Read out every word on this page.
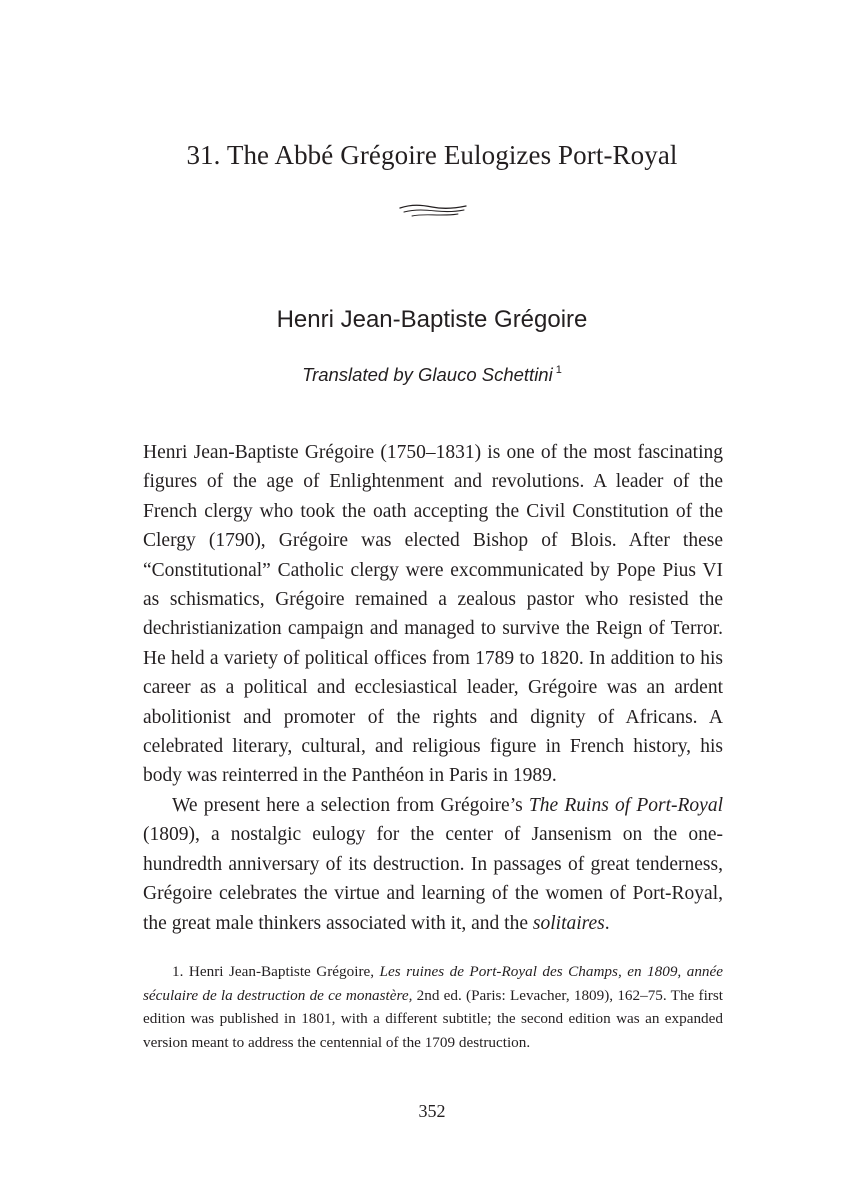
31. The Abbé Grégoire Eulogizes Port-Royal
Henri Jean-Baptiste Grégoire
Translated by Glauco Schettini $^1$

Henri Jean-Baptiste Grégoire (1750–1831) is one of the most fascinating figures of the age of Enlightenment and revolutions. A leader of the French clergy who took the oath accepting the Civil Constitution of the Clergy (1790), Grégoire was elected Bishop of Blois. After these “Constitutional” Catholic clergy were excommunicated by Pope Pius VI as schismatics, Grégoire remained a zealous pastor who resisted the dechristianization campaign and managed to survive the Reign of Terror. He held a variety of political offices from 1789 to 1820. In addition to his career as a political and ecclesiastical leader, Grégoire was an ardent abolitionist and promoter of the rights and dignity of Africans. A celebrated literary, cultural, and religious figure in French history, his body was reinterred in the Panthéon in Paris in 1989.

We present here a selection from Grégoire’s The Ruins of Port-Royal (1809), a nostalgic eulogy for the center of Jansenism on the one-hundredth anniversary of its destruction. In passages of great tenderness, Grégoire celebrates the virtue and learning of the women of Port-Royal, the great male thinkers associated with it, and the solitaires.

1. Henri Jean-Baptiste Grégoire, Les ruines de Port-Royal des Champs, en 1809, année séculaire de la destruction de ce monastère, 2nd ed. (Paris: Levacher, 1809), 162–75. The first edition was published in 1801, with a different subtitle; the second edition was an expanded version meant to address the centennial of the 1709 destruction.
352
